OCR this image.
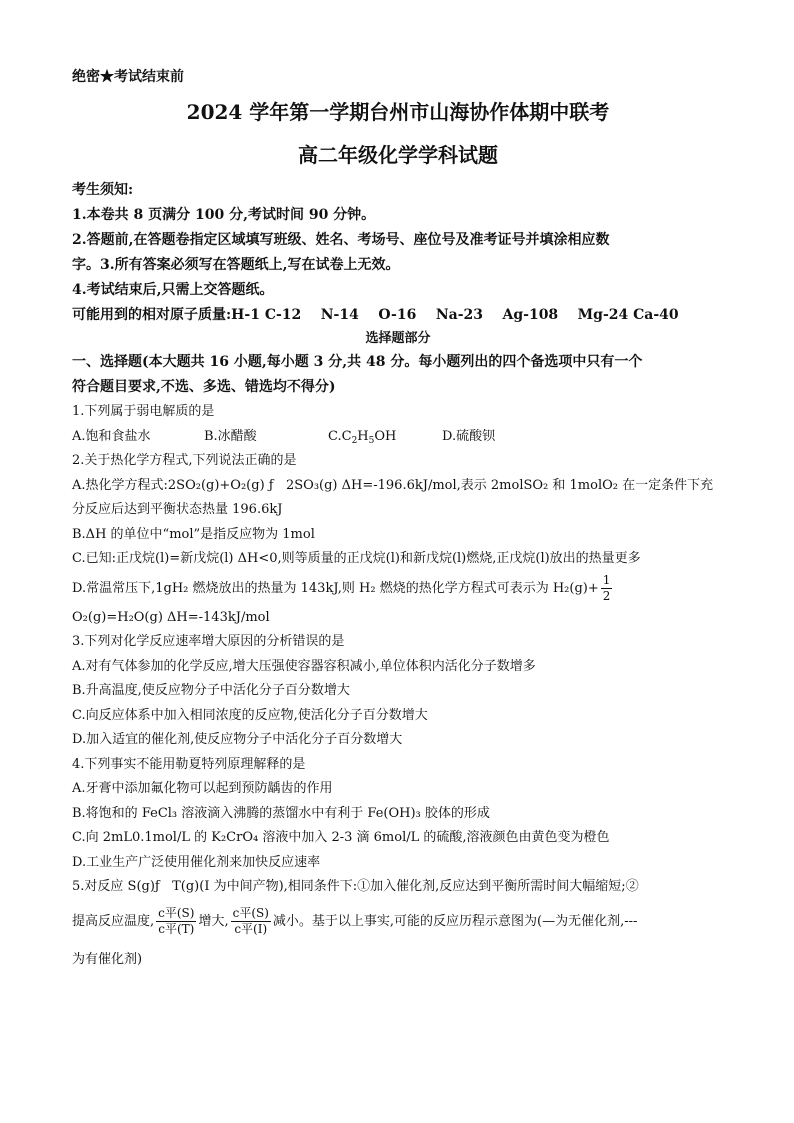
绝密★考试结束前
2024 学年第一学期台州市山海协作体期中联考
高二年级化学学科试题
考生须知:
1.本卷共 8 页满分 100 分,考试时间 90 分钟。
2.答题前,在答题卷指定区域填写班级、姓名、考场号、座位号及准考证号并填涂相应数
字。3.所有答案必须写在答题纸上,写在试卷上无效。
4.考试结束后,只需上交答题纸。
可能用到的相对原子质量:H-1 C-12    N-14    O-16    Na-23    Ag-108    Mg-24 Ca-40
选择题部分
一、选择题(本大题共 16 小题,每小题 3 分,共 48 分。每小题列出的四个备选项中只有一个
符合题目要求,不选、多选、错选均不得分)
1.下列属于弱电解质的是
A.饱和食盐水	B.冰醋酸	$C.C_2H_5OH$	D.硫酸钡
2.关于热化学方程式,下列说法正确的是
A.热化学方程式:2SO₂(g)+O₂(g) ƒ   2SO₃(g) ΔH=-196.6kJ/mol,表示 2molSO₂ 和 1molO₂ 在一定条件下充
分反应后达到平衡状态热量 196.6kJ
B.ΔH 的单位中“mol”是指反应物为 1mol
C.已知:正戊烷(l)=新戊烷(l) ΔH<0,则等质量的正戊烷(l)和新戊烷(l)燃烧,正戊烷(l)放出的热量更多
D.常温常压下,1gH₂ 燃烧放出的热量为 143kJ,则 H₂ 燃烧的热化学方程式可表示为 $H_2(g)+ \frac{1}{2}$
O₂(g)=H₂O(g) ΔH=-143kJ/mol
3.下列对化学反应速率增大原因的分析错误的是
A.对有气体参加的化学反应,增大压强使容器容积减小,单位体积内活化分子数增多
B.升高温度,使反应物分子中活化分子百分数增大
C.向反应体系中加入相同浓度的反应物,使活化分子百分数增大
D.加入适宜的催化剂,使反应物分子中活化分子百分数增大
4.下列事实不能用勒夏特列原理解释的是
A.牙膏中添加氟化物可以起到预防龋齿的作用
B.将饱和的 FeCl₃ 溶液滴入沸腾的蒸馏水中有利于 Fe(OH)₃ 胶体的形成
C.向 2mL0.1mol/L 的 K₂CrO₄ 溶液中加入 2-3 滴 6mol/L 的硫酸,溶液颜色由黄色变为橙色
D.工业生产广泛使用催化剂来加快反应速率
5.对反应 S(g)ƒ   T(g)(I 为中间产物),相同条件下:①加入催化剂,反应达到平衡所需时间大幅缩短;②
提高反应温度, $\frac{\text{c平(S)}}{\text{c平(T)}}$ 增大, $\frac{\text{c平(S)}}{\text{c平(I)}}$ 减小。基于以上事实,可能的反应历程示意图为(—为无催化剂,---
为有催化剂)
